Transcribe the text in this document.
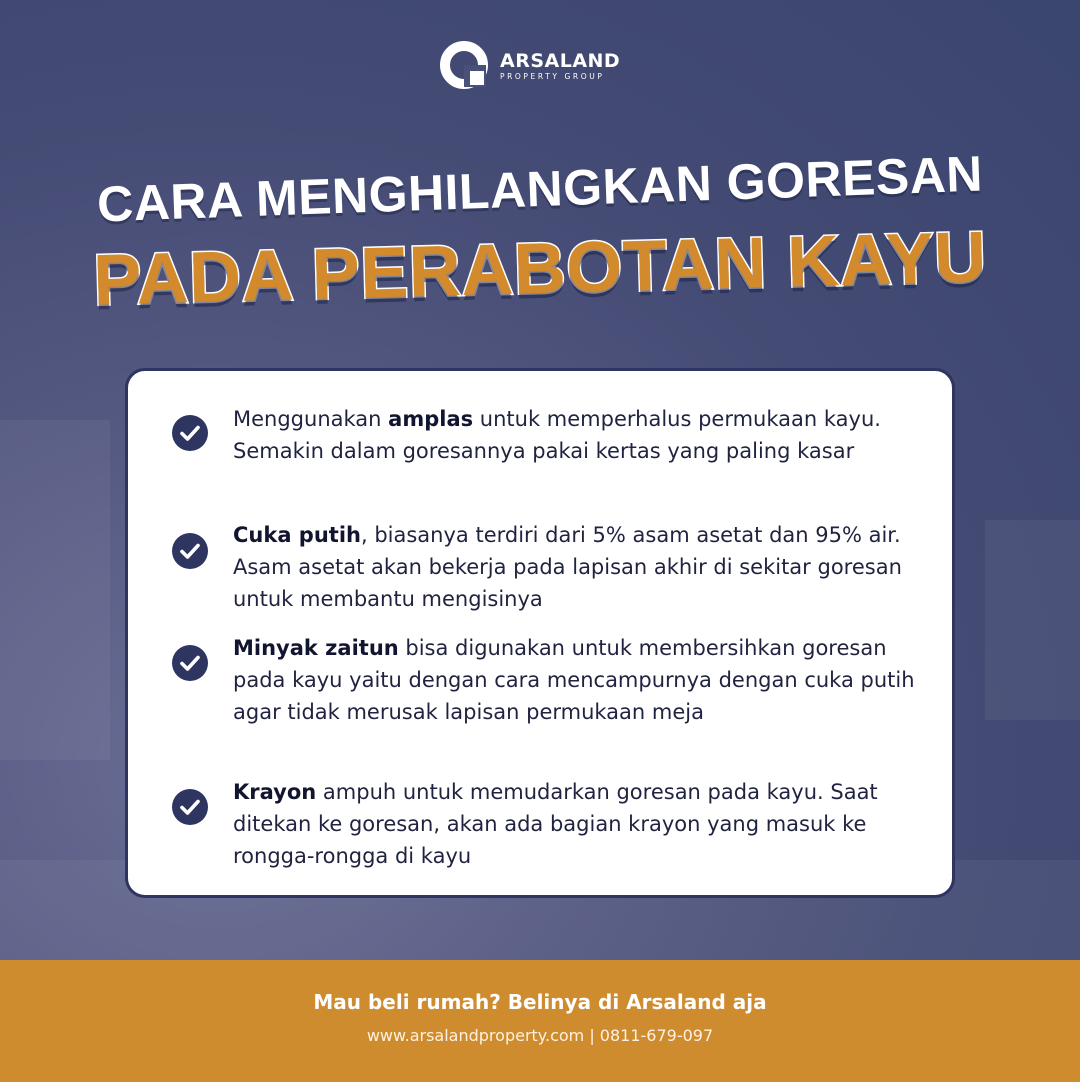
ARSALAND
PROPERTY GROUP
CARA MENGHILANGKAN GORESAN
PADA PERABOTAN KAYU
Menggunakan amplas untuk memperhalus permukaan kayu. Semakin dalam goresannya pakai kertas yang paling kasar
Cuka putih, biasanya terdiri dari 5% asam asetat dan 95% air. Asam asetat akan bekerja pada lapisan akhir di sekitar goresan untuk membantu mengisinya
Minyak zaitun bisa digunakan untuk membersihkan goresan pada kayu yaitu dengan cara mencampurnya dengan cuka putih agar tidak merusak lapisan permukaan meja
Krayon ampuh untuk memudarkan goresan pada kayu. Saat ditekan ke goresan, akan ada bagian krayon yang masuk ke rongga-rongga di kayu
Mau beli rumah? Belinya di Arsaland aja
www.arsalandproperty.com | 0811-679-097
